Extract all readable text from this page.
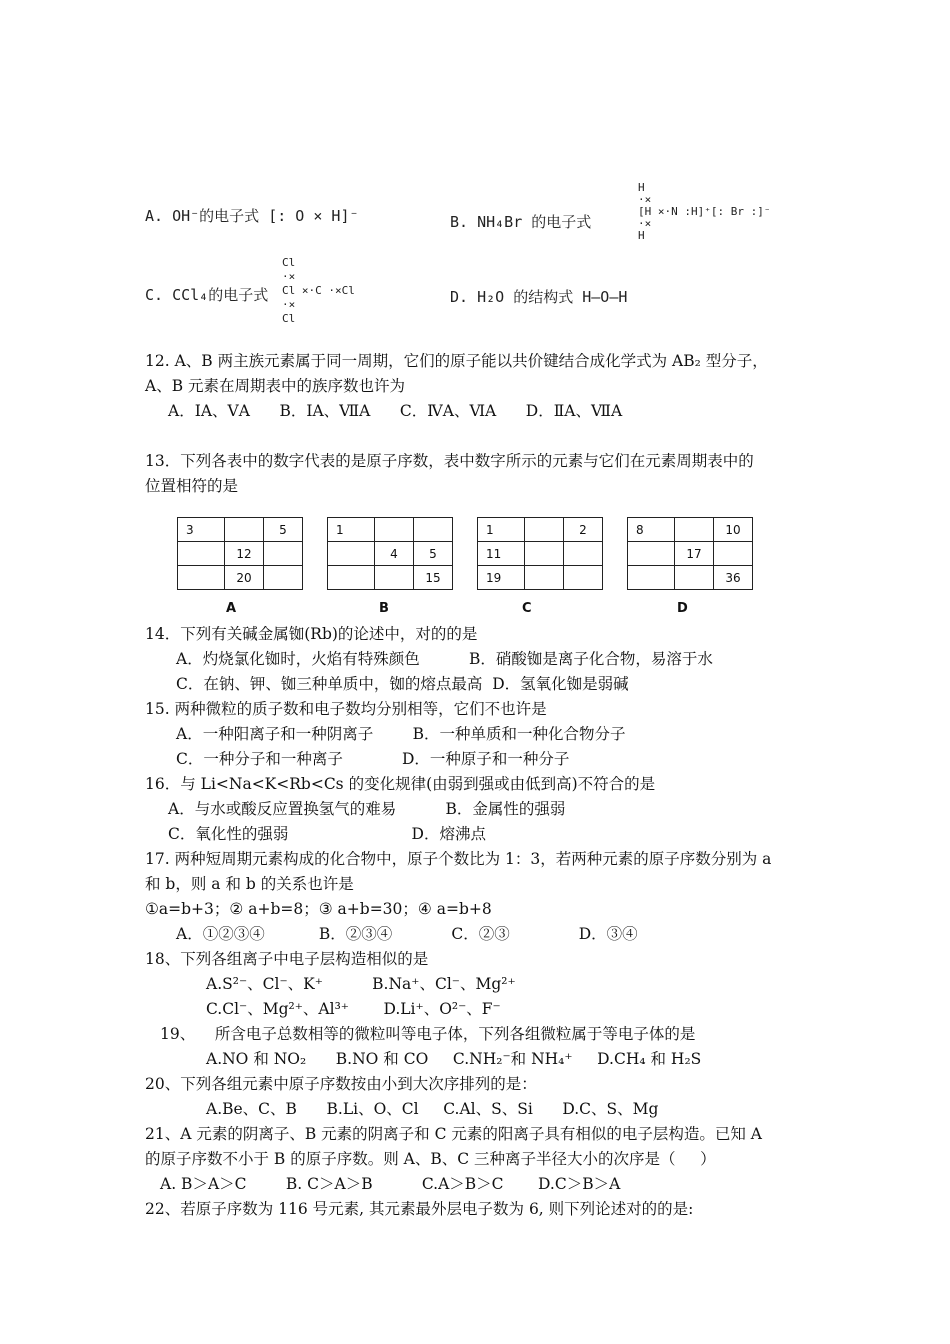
A. OH⁻的电子式 [: O ⨯ H]⁻	B. NH₄Br 的电子式
H
·×
[H ×·N :H]⁺[: Br :]⁻
·×
H
C. CCl₄的电子式
Cl
·×
Cl ×·C ·×Cl
·×
Cl
D. H₂O 的结构式 H—O—H
12. A、B 两主族元素属于同一周期，它们的原子能以共价键结合成化学式为 AB₂ 型分子，
A、B 元素在周期表中的族序数也许为
A．ⅠA、ⅤA      B．ⅠA、ⅦA      C．ⅣA、ⅥA      D．ⅡA、ⅦA
13．下列各表中的数字代表的是原子序数，表中数字所示的元素与它们在元素周期表中的
位置相符的是
3		5
	12	
	20	
A
1		
	4	5
		15
B
1		2
11		
19		
C
8		10
	17	
		36
D
14．下列有关碱金属铷(Rb)的论述中，对的的是
A．灼烧氯化铷时，火焰有特殊颜色          B．硝酸铷是离子化合物，易溶于水
C．在钠、钾、铷三种单质中，铷的熔点最高  D．氢氧化铷是弱碱
15. 两种微粒的质子数和电子数均分别相等，它们不也许是
A．一种阳离子和一种阴离子        B．一种单质和一种化合物分子
C．一种分子和一种离子            D．一种原子和一种分子
16．与 Li<Na<K<Rb<Cs 的变化规律(由弱到强或由低到高)不符合的是
A．与水或酸反应置换氢气的难易          B．金属性的强弱
C．氧化性的强弱                         D．熔沸点
17. 两种短周期元素构成的化合物中，原子个数比为 1：3，若两种元素的原子序数分别为 a
和 b，则 a 和 b 的关系也许是
①a=b+3；② a+b=8；③ a+b=30；④ a=b+8
A．①②③④           B．②③④            C．②③              D．③④
18、下列各组离子中电子层构造相似的是
A.S²⁻、Cl⁻、K⁺          B.Na⁺、Cl⁻、Mg²⁺
C.Cl⁻、Mg²⁺、Al³⁺       D.Li⁺、O²⁻、F⁻
19、    所含电子总数相等的微粒叫等电子体，下列各组微粒属于等电子体的是
A.NO 和 NO₂      B.NO 和 CO     C.NH₂⁻和 NH₄⁺     D.CH₄ 和 H₂S
20、下列各组元素中原子序数按由小到大次序排列的是：
A.Be、C、B      B.Li、O、Cl     C.Al、S、Si      D.C、S、Mg
21、A 元素的阴离子、B 元素的阴离子和 C 元素的阳离子具有相似的电子层构造。已知 A
的原子序数不小于 B 的原子序数。则 A、B、C 三种离子半径大小的次序是（     ）
A. B＞A＞C        B. C＞A＞B          C.A＞B＞C       D.C＞B＞A
22、若原子序数为 116 号元素, 其元素最外层电子数为 6, 则下列论述对的的是:
